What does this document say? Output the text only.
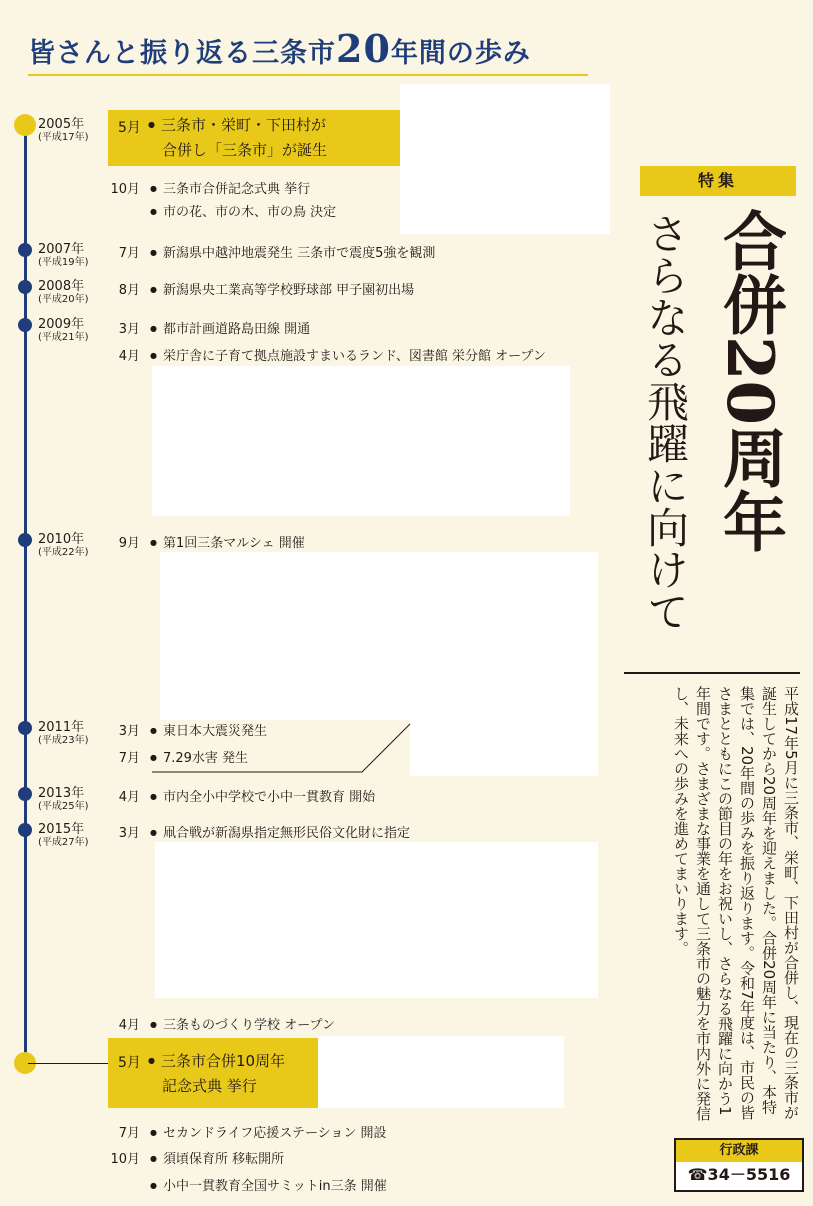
皆さんと振り返る三条市20年間の歩み
2005年
(平成17年)
5月	● 三条市・栄町・下田村が
合併し「三条市」が誕生
10月	● 三条市合併記念式典 挙行
● 市の花、市の木、市の鳥 決定
2007年
(平成19年)
7月	● 新潟県中越沖地震発生 三条市で震度5強を観測
2008年
(平成20年)
8月	● 新潟県央工業高等学校野球部 甲子園初出場
2009年
(平成21年)
3月	● 都市計画道路島田線 開通
4月	● 栄庁舎に子育て拠点施設すまいるランド、図書館 栄分館 オープン
2010年
(平成22年)
9月	● 第1回三条マルシェ 開催
2011年
(平成23年)
3月	● 東日本大震災発生
7月	● 7.29水害 発生
2013年
(平成25年)
4月	● 市内全小中学校で小中一貫教育 開始
2015年
(平成27年)
3月	● 凧合戦が新潟県指定無形民俗文化財に指定
4月	● 三条ものづくり学校 オープン
5月	● 三条市合併10周年
記念式典 挙行
7月	● セカンドライフ応援ステーション 開設
10月	● 須頃保育所 移転開所
● 小中一貫教育全国サミットin三条 開催
特集
合併20周年
さらなる飛躍に向けて
平成17年5月に三条市、栄町、下田村が合併し、現在の三条市が誕生してから20周年を迎えました。合併20周年に当たり、本特集では、20年間の歩みを振り返ります。令和7年度は、市民の皆さまとともにこの節目の年をお祝いし、さらなる飛躍に向かう1年間です。さまざまな事業を通して三条市の魅力を市内外に発信し、未来への歩みを進めてまいります。
行政課
☎34－5516
